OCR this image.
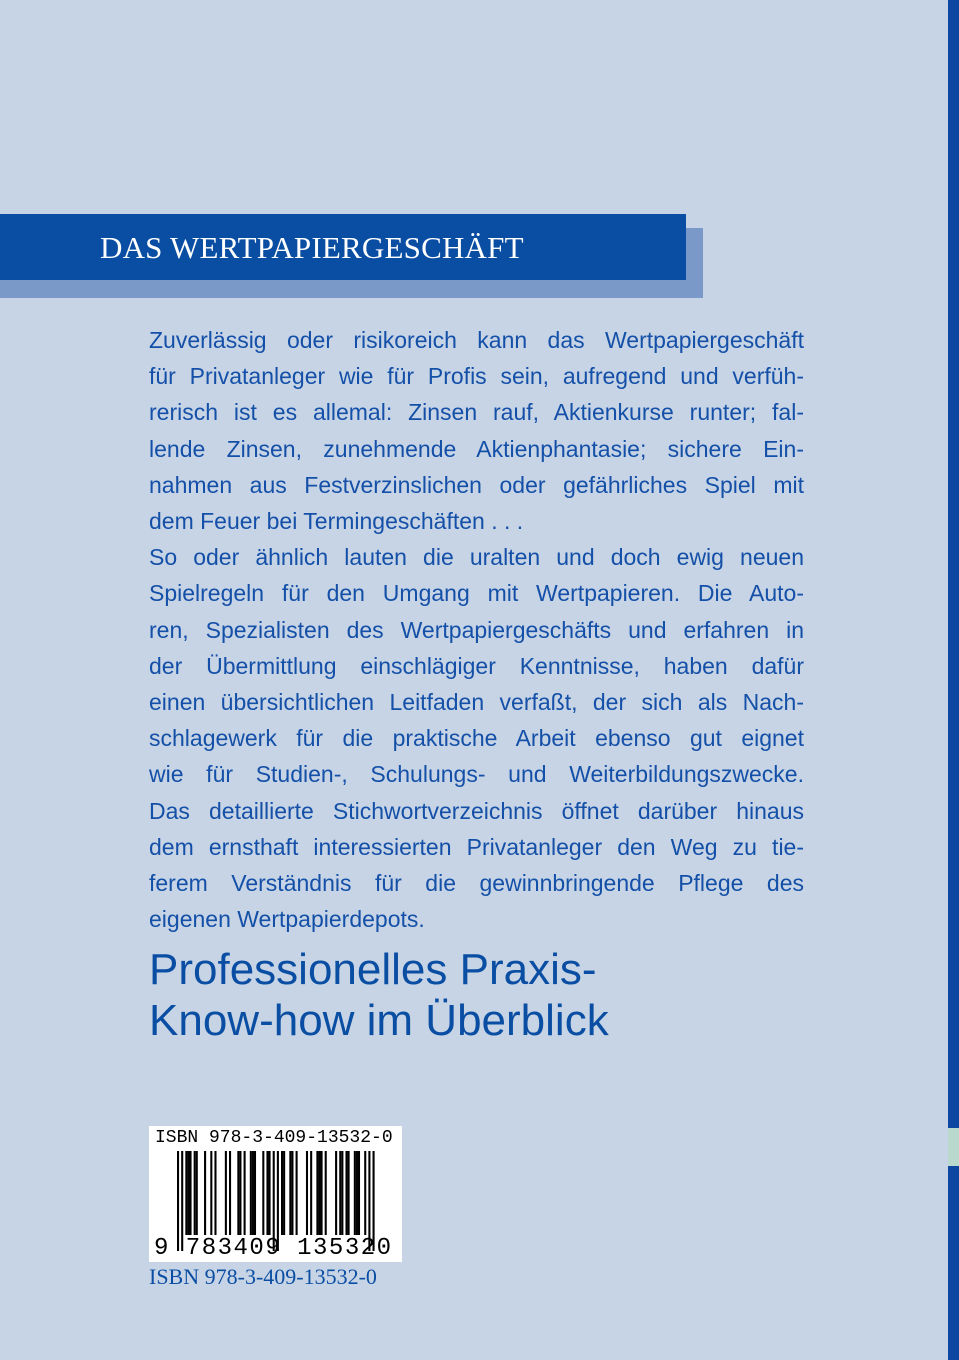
DAS WERTPAPIERGESCHÄFT
Zuverlässig oder risikoreich kann das Wertpapiergeschäft
für Privatanleger wie für Profis sein, aufregend und verfüh-
rerisch ist es allemal: Zinsen rauf, Aktienkurse runter; fal-
lende Zinsen, zunehmende Aktienphantasie; sichere Ein-
nahmen aus Festverzinslichen oder gefährliches Spiel mit
dem Feuer bei Termingeschäften . . .
So oder ähnlich lauten die uralten und doch ewig neuen
Spielregeln für den Umgang mit Wertpapieren. Die Auto-
ren, Spezialisten des Wertpapiergeschäfts und erfahren in
der Übermittlung einschlägiger Kenntnisse, haben dafür
einen übersichtlichen Leitfaden verfaßt, der sich als Nach-
schlagewerk für die praktische Arbeit ebenso gut eignet
wie für Studien-, Schulungs- und Weiterbildungszwecke.
Das detaillierte Stichwortverzeichnis öffnet darüber hinaus
dem ernsthaft interessierten Privatanleger den Weg zu tie-
ferem Verständnis für die gewinnbringende Pflege des
eigenen Wertpapierdepots.
Professionelles Praxis-
Know-how im Überblick
ISBN 978-3-409-13532-0
9 783409 135320
ISBN 978-3-409-13532-0
